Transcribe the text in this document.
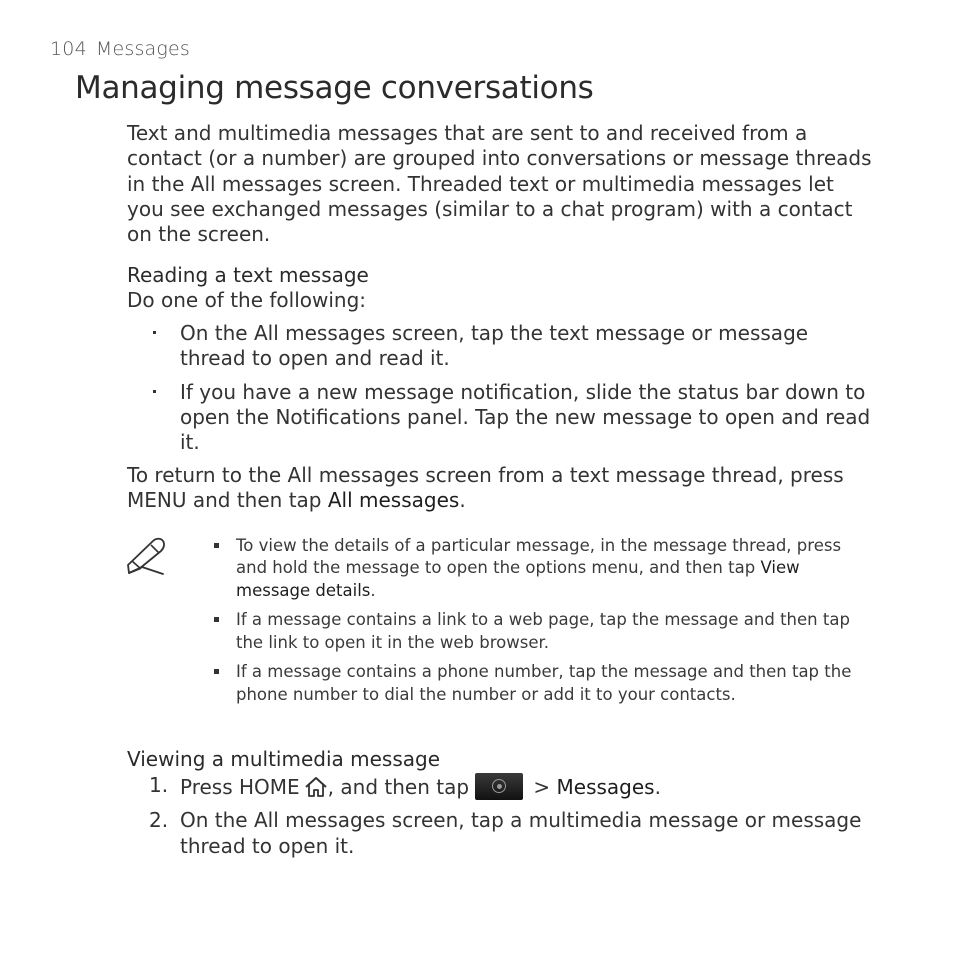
104 Messages
Managing message conversations
Text and multimedia messages that are sent to and received from a contact (or a number) are grouped into conversations or message threads in the All messages screen. Threaded text or multimedia messages let you see exchanged messages (similar to a chat program) with a contact on the screen.
Reading a text message
Do one of the following:
On the All messages screen, tap the text message or message thread to open and read it.
If you have a new message notification, slide the status bar down to open the Notifications panel. Tap the new message to open and read it.
To return to the All messages screen from a text message thread, press MENU and then tap All messages.
To view the details of a particular message, in the message thread, press and hold the message to open the options menu, and then tap View message details.
If a message contains a link to a web page, tap the message and then tap the link to open it in the web browser.
If a message contains a phone number, tap the message and then tap the phone number to dial the number or add it to your contacts.
Viewing a multimedia message
1. Press HOME , and then tap	> Messages.
2. On the All messages screen, tap a multimedia message or message thread to open it.
